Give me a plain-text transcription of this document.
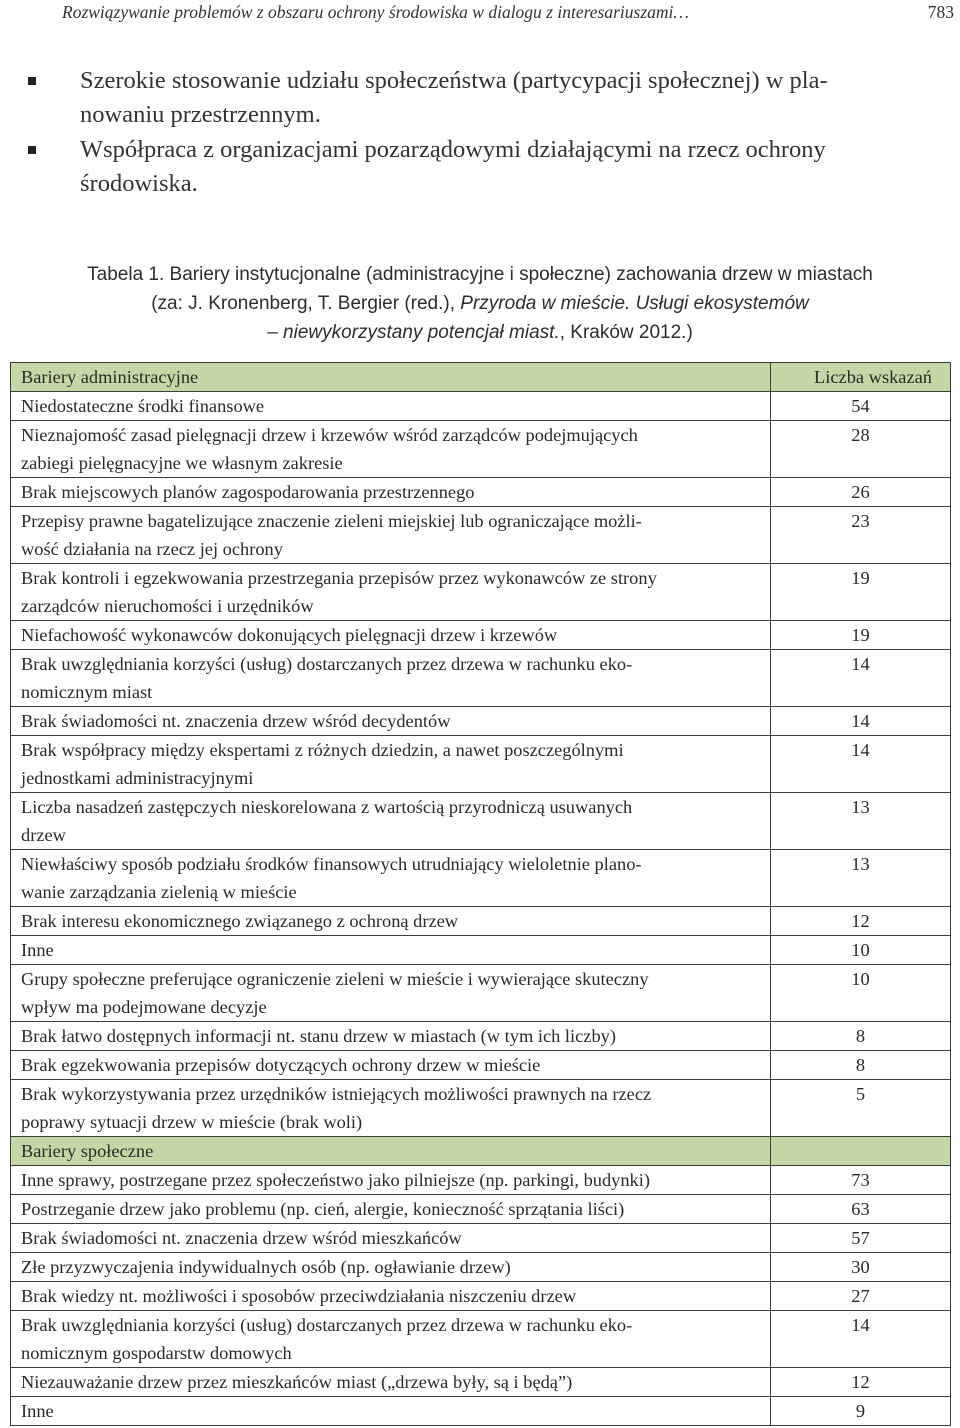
Rozwiązywanie problemów z obszaru ochrony środowiska w dialogu z interesariuszami…	783
Szerokie stosowanie udziału społeczeństwa (partycypacji społecznej) w pla-
nowaniu przestrzennym.
Współpraca z organizacjami pozarządowymi działającymi na rzecz ochrony
środowiska.
Tabela 1. Bariery instytucjonalne (administracyjne i społeczne) zachowania drzew w miastach
(za: J. Kronenberg, T. Bergier (red.), Przyroda w mieście. Usługi ekosystemów
– niewykorzystany potencjał miast., Kraków 2012.)
Bariery administracyjne	Liczba wskazań

Niedostateczne środki finansowe	54

Nieznajomość zasad pielęgnacji drzew i krzewów wśród zarządców podejmujących
zabiegi pielęgnacyjne we własnym zakresie	28

Brak miejscowych planów zagospodarowania przestrzennego	26

Przepisy prawne bagatelizujące znaczenie zieleni miejskiej lub ograniczające możli-
wość działania na rzecz jej ochrony	23

Brak kontroli i egzekwowania przestrzegania przepisów przez wykonawców ze strony
zarządców nieruchomości i urzędników	19

Niefachowość wykonawców dokonujących pielęgnacji drzew i krzewów	19

Brak uwzględniania korzyści (usług) dostarczanych przez drzewa w rachunku eko-
nomicznym miast	14

Brak świadomości nt. znaczenia drzew wśród decydentów	14

Brak współpracy między ekspertami z różnych dziedzin, a nawet poszczególnymi
jednostkami administracyjnymi	14

Liczba nasadzeń zastępczych nieskorelowana z wartością przyrodniczą usuwanych
drzew	13

Niewłaściwy sposób podziału środków finansowych utrudniający wieloletnie plano-
wanie zarządzania zielenią w mieście	13

Brak interesu ekonomicznego związanego z ochroną drzew	12

Inne	10

Grupy społeczne preferujące ograniczenie zieleni w mieście i wywierające skuteczny
wpływ ma podejmowane decyzje	10

Brak łatwo dostępnych informacji nt. stanu drzew w miastach (w tym ich liczby)	8

Brak egzekwowania przepisów dotyczących ochrony drzew w mieście	8

Brak wykorzystywania przez urzędników istniejących możliwości prawnych na rzecz
poprawy sytuacji drzew w mieście (brak woli)	5
Bariery społeczne	

Inne sprawy, postrzegane przez społeczeństwo jako pilniejsze (np. parkingi, budynki)	73

Postrzeganie drzew jako problemu (np. cień, alergie, konieczność sprzątania liści)	63

Brak świadomości nt. znaczenia drzew wśród mieszkańców	57

Złe przyzwyczajenia indywidualnych osób (np. ogławianie drzew)	30

Brak wiedzy nt. możliwości i sposobów przeciwdziałania niszczeniu drzew	27

Brak uwzględniania korzyści (usług) dostarczanych przez drzewa w rachunku eko-
nomicznym gospodarstw domowych	14

Niezauważanie drzew przez mieszkańców miast („drzewa były, są i będą”)	12

Inne	9
